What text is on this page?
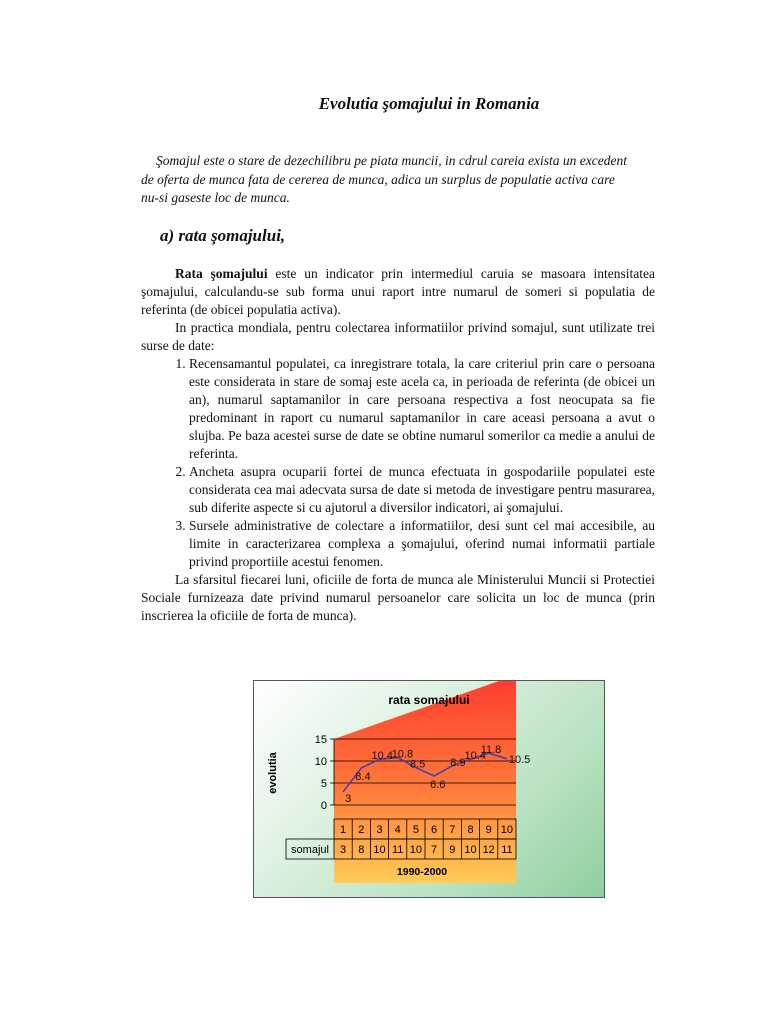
Evolutia şomajului in Romania
Şomajul este o stare de dezechilibru pe piata muncii, in cdrul careia exista un excedent de oferta de munca fata de cererea de munca, adica un surplus de populatie activa care nu-si gaseste loc de munca.
a) rata şomajului,

Rata şomajului este un indicator prin intermediul caruia se masoara intensitatea şomajului, calculandu-se sub forma unui raport intre numarul de someri si populatia de referinta (de obicei populatia activa).

In practica mondiala, pentru colectarea informatiilor privind somajul, sunt utilizate trei surse de date:

1. Recensamantul populatei, ca inregistrare totala, la care criteriul prin care o persoana este considerata in stare de somaj este acela ca, in perioada de referinta (de obicei un an), numarul saptamanilor in care persoana respectiva a fost neocupata sa fie predominant in raport cu numarul saptamanilor in care aceasi persoana a avut o slujba. Pe baza acestei surse de date se obtine numarul somerilor ca medie a anului de referinta.
2. Ancheta asupra ocuparii fortei de munca efectuata in gospodariile populatei este considerata cea mai adecvata sursa de date si metoda de investigare pentru masurarea, sub diferite aspecte si cu ajutorul a diversilor indicatori, ai şomajului.
3. Sursele administrative de colectare a informatiilor, desi sunt cel mai accesibile, au limite in caracterizarea complexa a şomajului, oferind numai informatii partiale privind proportiile acestui fenomen.

La sfarsitul fiecarei luni, oficiile de forta de munca ale Ministerului Muncii si Protectiei Sociale furnizeaza date privind numarul persoanelor care solicita un loc de munca (prin inscrierea la oficiile de forta de munca).

0
5
10
15
3
8.4
10.4
10.8
8.5
6.6
8.9
10.4
11.8
10.5
1
3
2
8
3
10
4
11
5
10
6
7
7
9
8
10
9
12
10
11
somajul
rata somajului
evolutia
1990-2000
